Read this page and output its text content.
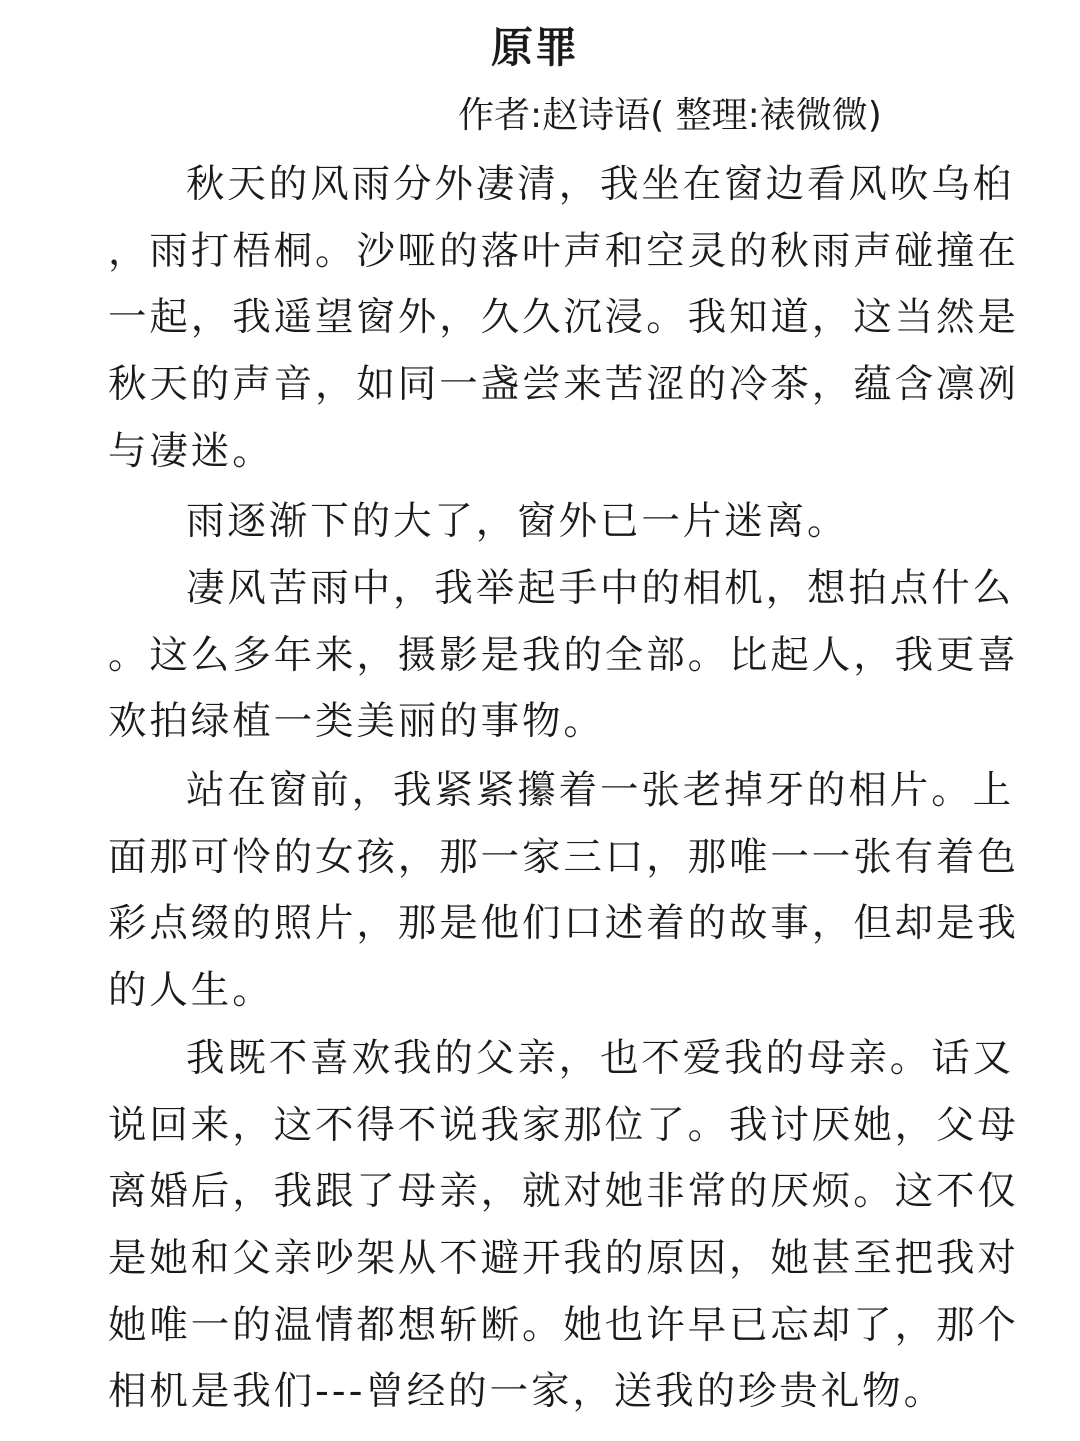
原罪
作者:赵诗语( 整理:裱微微)
秋天的风雨分外凄清，我坐在窗边看风吹乌桕
，雨打梧桐。沙哑的落叶声和空灵的秋雨声碰撞在
一起，我遥望窗外，久久沉浸。我知道，这当然是
秋天的声音，如同一盏尝来苦涩的冷茶，蕴含凛冽
与凄迷。
雨逐渐下的大了，窗外已一片迷离。
凄风苦雨中，我举起手中的相机，想拍点什么
。这么多年来，摄影是我的全部。比起人，我更喜
欢拍绿植一类美丽的事物。
站在窗前，我紧紧攥着一张老掉牙的相片。上
面那可怜的女孩，那一家三口，那唯一一张有着色
彩点缀的照片，那是他们口述着的故事，但却是我
的人生。
我既不喜欢我的父亲，也不爱我的母亲。话又
说回来，这不得不说我家那位了。我讨厌她，父母
离婚后，我跟了母亲，就对她非常的厌烦。这不仅
是她和父亲吵架从不避开我的原因，她甚至把我对
她唯一的温情都想斩断。她也许早已忘却了，那个
相机是我们---曾经的一家，送我的珍贵礼物。
